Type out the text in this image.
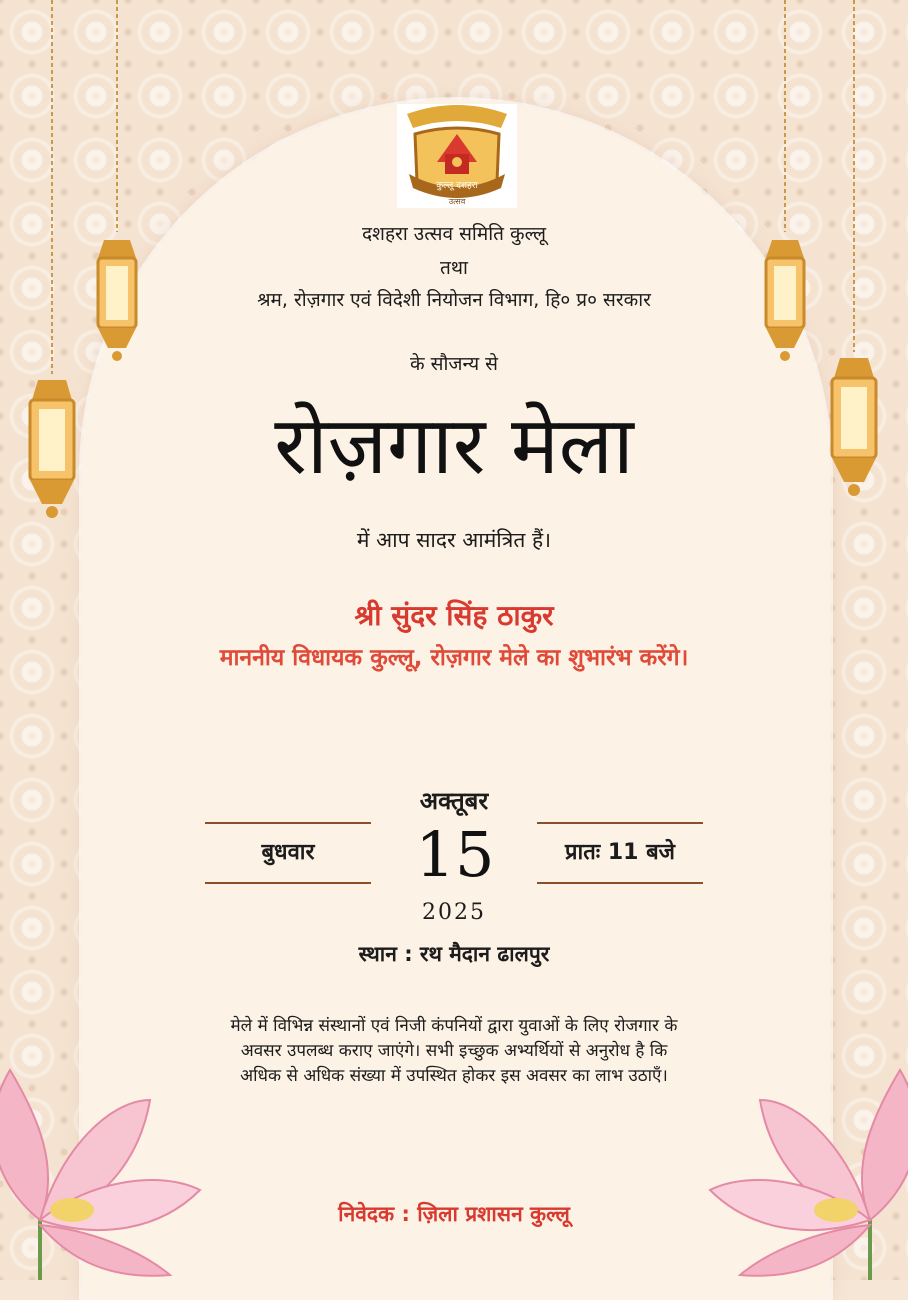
कुल्लू दशहरा
उत्सव
दशहरा उत्सव समिति कुल्लू
तथा
श्रम, रोज़गार एवं विदेशी नियोजन विभाग, हि० प्र० सरकार
के सौजन्य से
रोज़गार मेला
में आप सादर आमंत्रित हैं।
श्री सुंदर सिंह ठाकुर
माननीय विधायक कुल्लू, रोज़गार मेले का शुभारंभ करेंगे।
अक्तूबर
बुधवार	15	प्रातः 11 बजे
2025
स्थान : रथ मैदान ढालपुर
मेले में विभिन्न संस्थानों एवं निजी कंपनियों द्वारा युवाओं के लिए रोजगार के अवसर उपलब्ध कराए जाएंगे। सभी इच्छुक अभ्यर्थियों से अनुरोध है कि अधिक से अधिक संख्या में उपस्थित होकर इस अवसर का लाभ उठाएँ।
निवेदक : ज़िला प्रशासन कुल्लू
